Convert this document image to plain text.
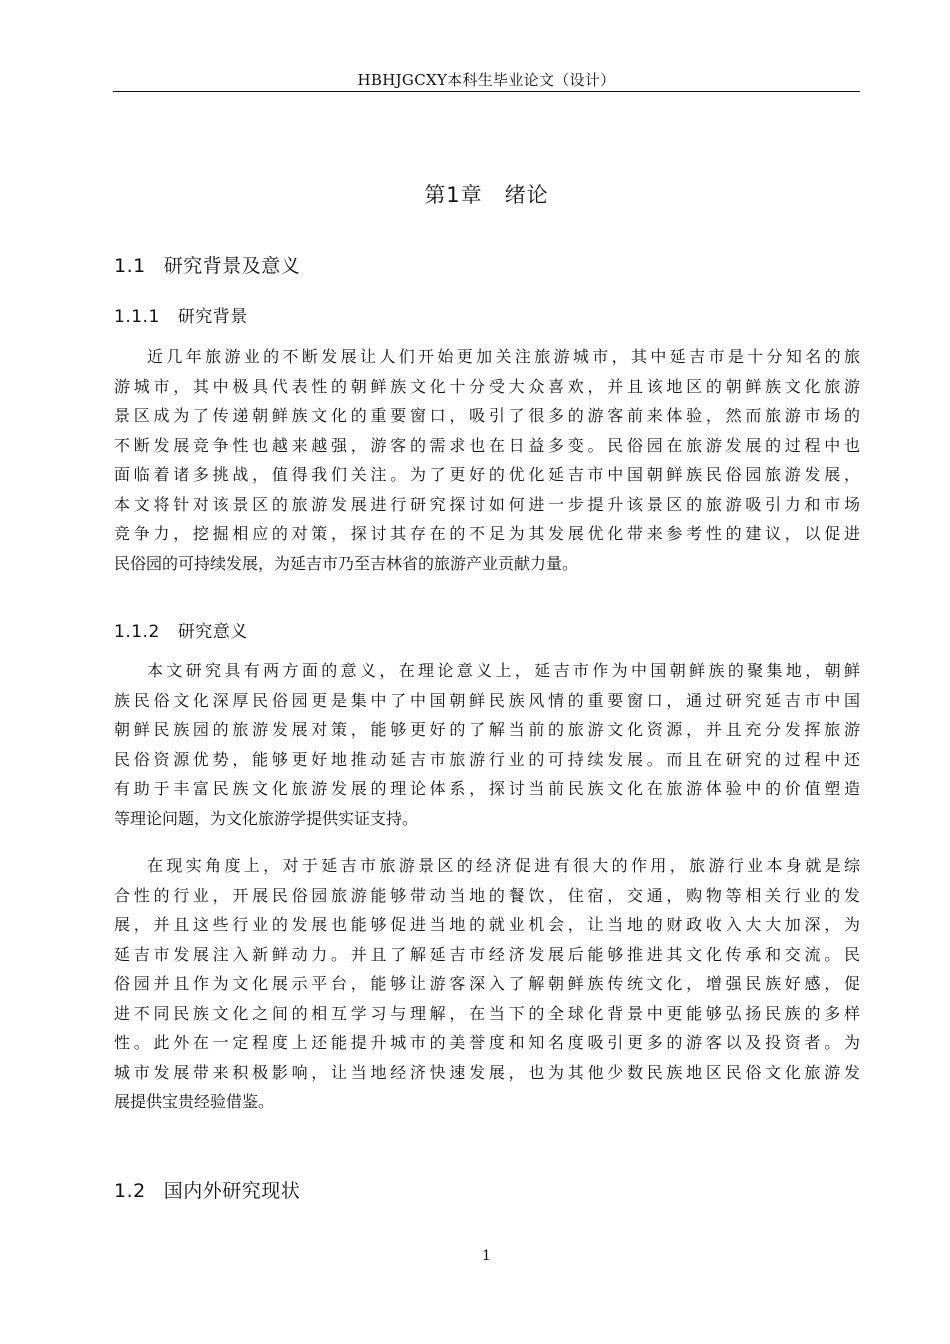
HBHJGCXY本科生毕业论文（设计）
第1章　绪论
1.1 研究背景及意义
1.1.1 研究背景
近几年旅游业的不断发展让人们开始更加关注旅游城市，其中延吉市是十分知名的旅
游城市，其中极具代表性的朝鲜族文化十分受大众喜欢，并且该地区的朝鲜族文化旅游
景区成为了传递朝鲜族文化的重要窗口，吸引了很多的游客前来体验，然而旅游市场的
不断发展竞争性也越来越强，游客的需求也在日益多变。民俗园在旅游发展的过程中也
面临着诸多挑战，值得我们关注。为了更好的优化延吉市中国朝鲜族民俗园旅游发展，
本文将针对该景区的旅游发展进行研究探讨如何进一步提升该景区的旅游吸引力和市场
竞争力，挖掘相应的对策，探讨其存在的不足为其发展优化带来参考性的建议，以促进
民俗园的可持续发展，为延吉市乃至吉林省的旅游产业贡献力量。
1.1.2 研究意义
本文研究具有两方面的意义，在理论意义上，延吉市作为中国朝鲜族的聚集地，朝鲜
族民俗文化深厚民俗园更是集中了中国朝鲜民族风情的重要窗口，通过研究延吉市中国
朝鲜民族园的旅游发展对策，能够更好的了解当前的旅游文化资源，并且充分发挥旅游
民俗资源优势，能够更好地推动延吉市旅游行业的可持续发展。而且在研究的过程中还
有助于丰富民族文化旅游发展的理论体系，探讨当前民族文化在旅游体验中的价值塑造
等理论问题，为文化旅游学提供实证支持。
在现实角度上，对于延吉市旅游景区的经济促进有很大的作用，旅游行业本身就是综
合性的行业，开展民俗园旅游能够带动当地的餐饮，住宿，交通，购物等相关行业的发
展，并且这些行业的发展也能够促进当地的就业机会，让当地的财政收入大大加深，为
延吉市发展注入新鲜动力。并且了解延吉市经济发展后能够推进其文化传承和交流。民
俗园并且作为文化展示平台，能够让游客深入了解朝鲜族传统文化，增强民族好感，促
进不同民族文化之间的相互学习与理解，在当下的全球化背景中更能够弘扬民族的多样
性。此外在一定程度上还能提升城市的美誉度和知名度吸引更多的游客以及投资者。为
城市发展带来积极影响，让当地经济快速发展，也为其他少数民族地区民俗文化旅游发
展提供宝贵经验借鉴。
1.2 国内外研究现状
1
